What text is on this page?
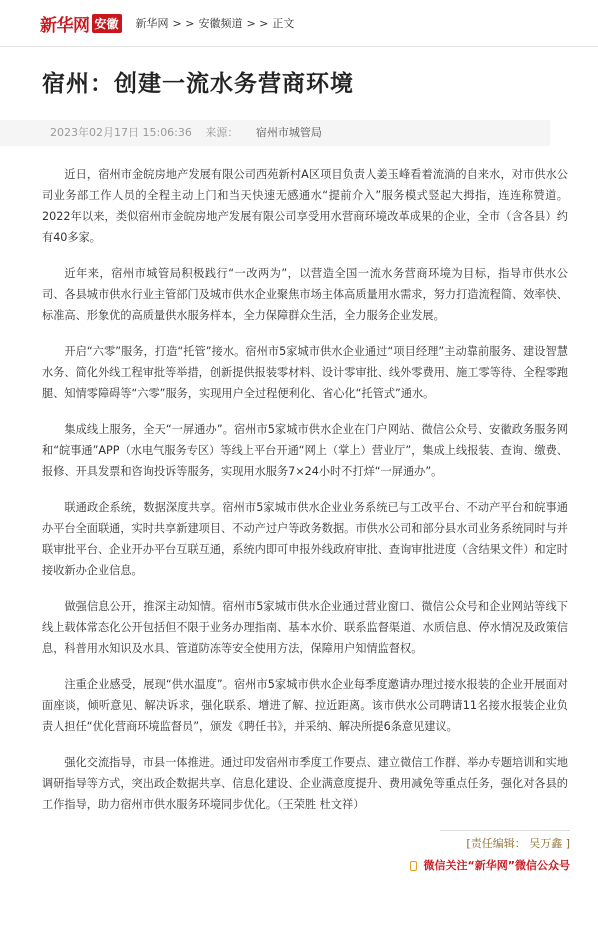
新华网 安徽 新华网 > > 安徽频道 > > 正文
宿州：创建一流水务营商环境
2023年02月17日 15:06:36 来源： 宿州市城管局

近日，宿州市金皖房地产发展有限公司西苑新村A区项目负责人姜玉峰看着流淌的自来水，对市供水公司业务部工作人员的全程主动上门和当天快速无感通水“提前介入”服务模式竖起大拇指，连连称赞道。2022年以来，类似宿州市金皖房地产发展有限公司享受用水营商环境改革成果的企业，全市（含各县）约有40多家。

近年来，宿州市城管局积极践行“一改两为”，以营造全国一流水务营商环境为目标，指导市供水公司、各县城市供水行业主管部门及城市供水企业聚焦市场主体高质量用水需求，努力打造流程简、效率快、标准高、形象优的高质量供水服务样本，全力保障群众生活，全力服务企业发展。

开启“六零”服务，打造“托管”接水。宿州市5家城市供水企业通过“项目经理”主动靠前服务、建设智慧水务、简化外线工程审批等举措，创新提供报装零材料、设计零审批、线外零费用、施工零等待、全程零跑腿、知情零障碍等“六零”服务，实现用户全过程便利化、省心化“托管式”通水。

集成线上服务，全天“一屏通办”。宿州市5家城市供水企业在门户网站、微信公众号、安徽政务服务网和“皖事通”APP（水电气服务专区）等线上平台开通“网上（掌上）营业厅”，集成上线报装、查询、缴费、报修、开具发票和咨询投诉等服务，实现用水服务7×24小时不打烊“一屏通办”。

联通政企系统，数据深度共享。宿州市5家城市供水企业业务系统已与工改平台、不动产平台和皖事通办平台全面联通，实时共享新建项目、不动产过户等政务数据。市供水公司和部分县水司业务系统同时与并联审批平台、企业开办平台互联互通，系统内即可申报外线政府审批、查询审批进度（含结果文件）和定时接收新办企业信息。

做强信息公开，推深主动知情。宿州市5家城市供水企业通过营业窗口、微信公众号和企业网站等线下线上载体常态化公开包括但不限于业务办理指南、基本水价、联系监督渠道、水质信息、停水情况及政策信息，科普用水知识及水具、管道防冻等安全使用方法，保障用户知情监督权。

注重企业感受，展现“供水温度”。宿州市5家城市供水企业每季度邀请办理过接水报装的企业开展面对面座谈，倾听意见、解决诉求，强化联系、增进了解、拉近距离。该市供水公司聘请11名接水报装企业负责人担任“优化营商环境监督员”，颁发《聘任书》，并采纳、解决所提6条意见建议。

强化交流指导，市县一体推进。通过印发宿州市季度工作要点、建立微信工作群、举办专题培训和实地调研指导等方式，突出政企数据共享、信息化建设、企业满意度提升、费用减免等重点任务，强化对各县的工作指导，助力宿州市供水服务环境同步优化。（王荣胜 杜文祥）

[责任编辑： 吴万鑫 ]
微信关注“新华网”微信公众号
